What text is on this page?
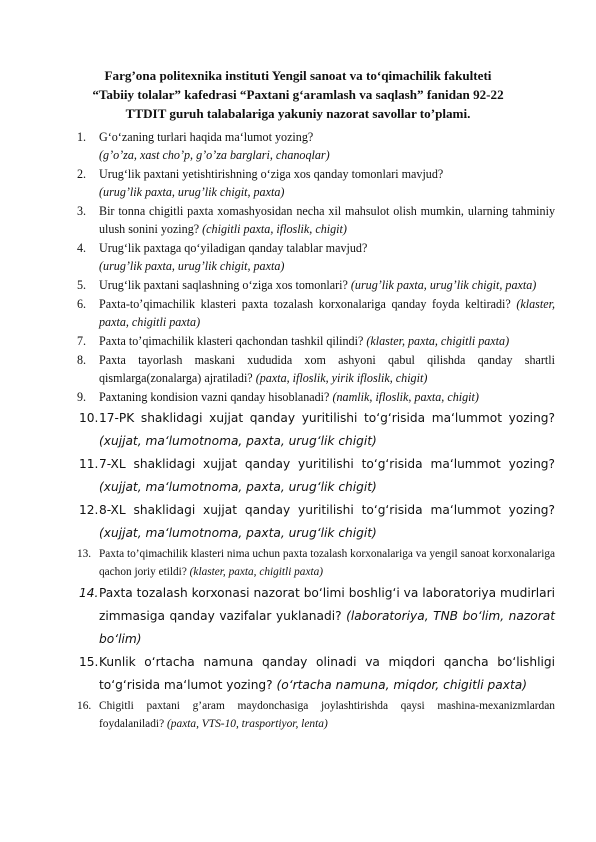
Farg’ona politexnika instituti Yengil sanoat va to‘qimachilik fakulteti
“Tabiiy tolalar” kafedrasi “Paxtani g‘aramlash va saqlash” fanidan 92-22
TTDIT guruh talabalariga yakuniy nazorat savollar to’plami.
1. G‘o‘zaning turlari haqida ma‘lumot yozing?
(g’o’za, xast cho’p, g’o’za barglari, chanoqlar)
2. Urug‘lik paxtani yetishtirishning o‘ziga xos qanday tomonlari mavjud?
(urug’lik paxta, urug’lik chigit, paxta)
3. Bir tonna chigitli paxta xomashyosidan necha xil mahsulot olish mumkin, ularning tahminiy ulush sonini yozing? (chigitli paxta, ifloslik, chigit)
4. Urug‘lik paxtaga qo‘yiladigan qanday talablar mavjud?
(urug’lik paxta, urug’lik chigit, paxta)
5. Urug‘lik paxtani saqlashning o‘ziga xos tomonlari? (urug’lik paxta, urug’lik chigit, paxta)
6. Paxta-to’qimachilik klasteri paxta tozalash korxonalariga qanday foyda keltiradi? (klaster, paxta, chigitli paxta)
7. Paxta to’qimachilik klasteri qachondan tashkil qilindi? (klaster, paxta, chigitli paxta)
8. Paxta tayorlash maskani xududida xom ashyoni qabul qilishda qanday shartli qismlarga(zonalarga) ajratiladi? (paxta, ifloslik, yirik ifloslik, chigit)
9. Paxtaning kondision vazni qanday hisoblanadi? (namlik, ifloslik, paxta, chigit)
10. 17-PK shaklidagi xujjat qanday yuritilishi to‘g‘risida ma‘lummot yozing? (xujjat, ma‘lumotnoma, paxta, urug‘lik chigit)
11. 7-XL shaklidagi xujjat qanday yuritilishi to‘g‘risida ma‘lummot yozing? (xujjat, ma‘lumotnoma, paxta, urug‘lik chigit)
12. 8-XL shaklidagi xujjat qanday yuritilishi to‘g‘risida ma‘lummot yozing? (xujjat, ma‘lumotnoma, paxta, urug‘lik chigit)
13. Paxta to’qimachilik klasteri nima uchun paxta tozalash korxonalariga va yengil sanoat korxonalariga qachon joriy etildi? (klaster, paxta, chigitli paxta)
14. Paxta tozalash korxonasi nazorat bo‘limi boshlig‘i va laboratoriya mudirlari zimmasiga qanday vazifalar yuklanadi? (laboratoriya, TNB bo‘lim, nazorat bo‘lim)
15. Kunlik o‘rtacha namuna qanday olinadi va miqdori qancha bo‘lishligi to‘g‘risida ma‘lumot yozing? (o‘rtacha namuna, miqdor, chigitli paxta)
16. Chigitli paxtani g’aram maydonchasiga joylashtirishda qaysi mashina-mexanizmlardan foydalaniladi? (paxta, VTS-10, trasportiyor, lenta)
